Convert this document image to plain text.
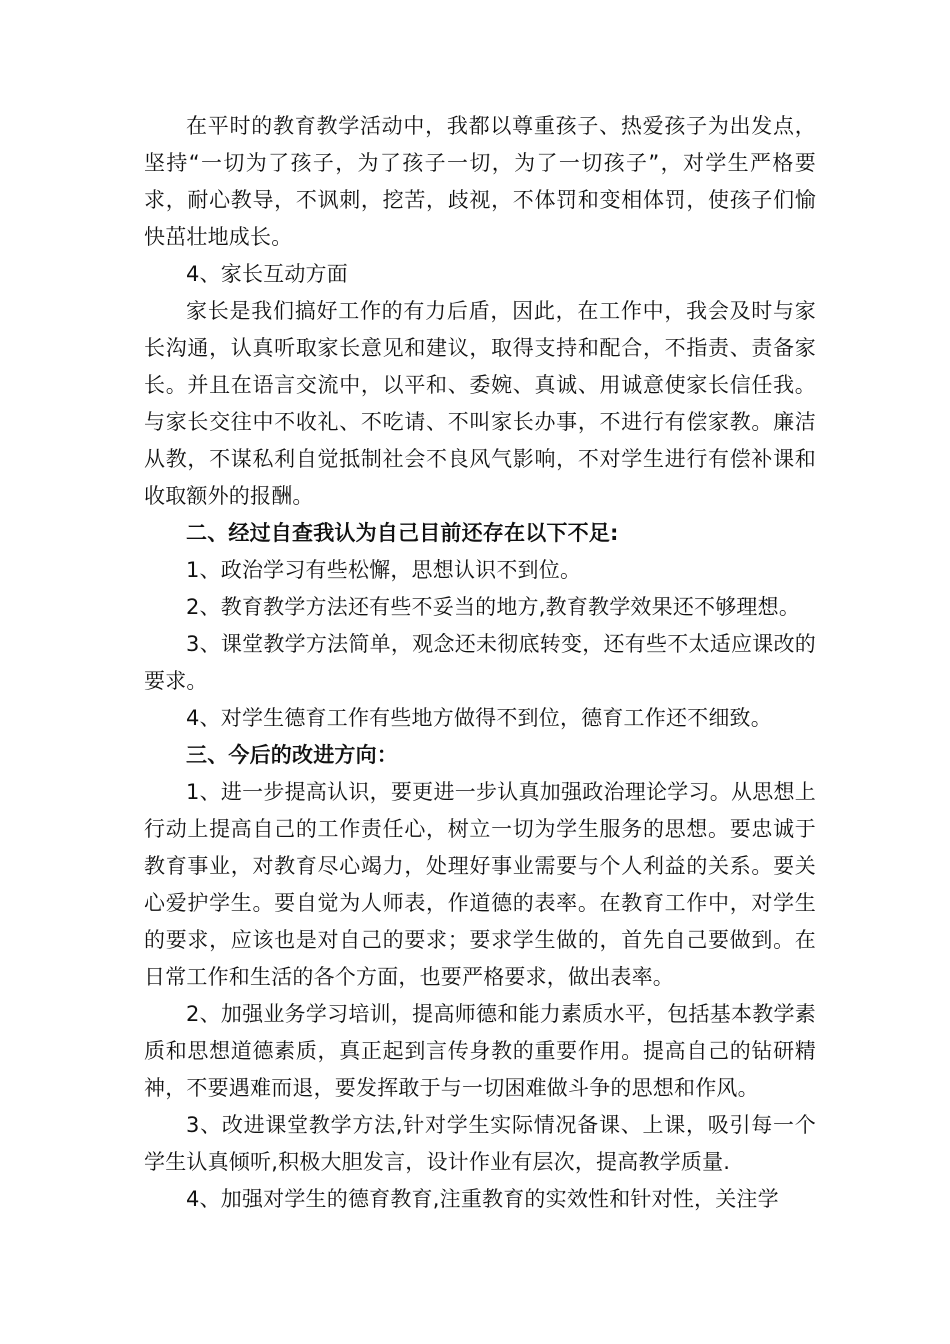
在平时的教育教学活动中，我都以尊重孩子、热爱孩子为出发点，坚持“一切为了孩子，为了孩子一切，为了一切孩子”，对学生严格要求，耐心教导，不讽刺，挖苦，歧视，不体罚和变相体罚，使孩子们愉快茁壮地成长。

4、家长互动方面

家长是我们搞好工作的有力后盾，因此，在工作中，我会及时与家长沟通，认真听取家长意见和建议，取得支持和配合，不指责、责备家长。并且在语言交流中，以平和、委婉、真诚、用诚意使家长信任我。与家长交往中不收礼、不吃请、不叫家长办事，不进行有偿家教。廉洁从教，不谋私利自觉抵制社会不良风气影响，不对学生进行有偿补课和收取额外的报酬。

二、经过自查我认为自己目前还存在以下不足:

1、政治学习有些松懈，思想认识不到位。

2、教育教学方法还有些不妥当的地方,教育教学效果还不够理想。

3、课堂教学方法简单，观念还未彻底转变，还有些不太适应课改的要求。

4、对学生德育工作有些地方做得不到位，德育工作还不细致。

三、今后的改进方向：

1、进一步提高认识，要更进一步认真加强政治理论学习。从思想上行动上提高自己的工作责任心，树立一切为学生服务的思想。要忠诚于教育事业，对教育尽心竭力，处理好事业需要与个人利益的关系。要关心爱护学生。要自觉为人师表，作道德的表率。在教育工作中，对学生的要求，应该也是对自己的要求；要求学生做的，首先自己要做到。在日常工作和生活的各个方面，也要严格要求，做出表率。

2、加强业务学习培训，提高师德和能力素质水平，包括基本教学素质和思想道德素质，真正起到言传身教的重要作用。提高自己的钻研精神，不要遇难而退，要发挥敢于与一切困难做斗争的思想和作风。

3、改进课堂教学方法,针对学生实际情况备课、上课，吸引每一个学生认真倾听,积极大胆发言，设计作业有层次，提高教学质量.

4、加强对学生的德育教育,注重教育的实效性和针对性，关注学
